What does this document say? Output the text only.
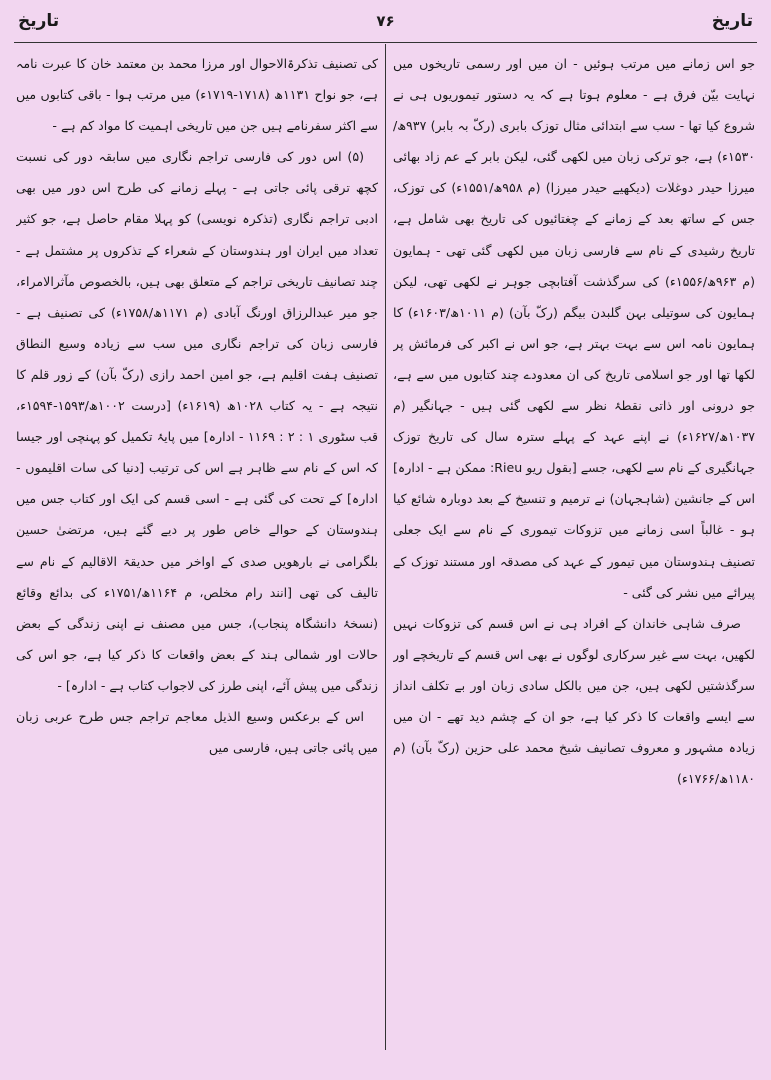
تاریخ
۷۶
تاریخ

جو اس زمانے میں مرتب ہوئیں - ان میں اور رسمی تاریخوں میں نہایت بیّن فرق ہے - معلوم ہوتا ہے کہ یہ دستور تیموریوں ہی نے شروع کیا تھا - سب سے ابتدائی مثال توزک بابری (رکّ بہ بابر) ۹۳۷ھ/۱۵۳۰ء) ہے، جو ترکی زبان میں لکھی گئی، لیکن بابر کے عم زاد بھائی میرزا حیدر دوغلات (دیکھیے حیدر میرزا) (م ۹۵۸ھ/۱۵۵۱ء) کی توزک، جس کے ساتھ بعد کے زمانے کے چغتائیوں کی تاریخ بھی شامل ہے، تاریخ رشیدی کے نام سے فارسی زبان میں لکھی گئی تھی - ہمایون (م ۹۶۳ھ/۱۵۵۶ء) کی سرگذشت آفتابچی جوہر نے لکھی تھی، لیکن ہمایون کی سوتیلی بہن گلبدن بیگم (رکّ بآن) (م ۱۰۱۱ھ/۱۶۰۳ء) کا ہمایون نامہ اس سے بہت بہتر ہے، جو اس نے اکبر کی فرمائش پر لکھا تھا اور جو اسلامی تاریخ کی ان معدودے چند کتابوں میں سے ہے، جو درونی اور ذاتی نقطۂ نظر سے لکھی گئی ہیں - جہانگیر (م ۱۰۳۷ھ/۱۶۲۷ء) نے اپنے عہد کے پہلے سترہ سال کی تاریخ توزک جہانگیری کے نام سے لکھی، جسے [بقول ریو Rieu: ممکن ہے - ادارہ] اس کے جانشین (شاہجہان) نے ترمیم و تنسیخ کے بعد دوبارہ شائع کیا ہو - غالباً اسی زمانے میں تزوکات تیموری کے نام سے ایک جعلی تصنیف ہندوستان میں تیمور کے عہد کی مصدقہ اور مستند توزک کے پیرائے میں نشر کی گئی -

صرف شاہی خاندان کے افراد ہی نے اس قسم کی تزوکات نہیں لکھیں، بہت سے غیر سرکاری لوگوں نے بھی اس قسم کے تاریخچے اور سرگذشتیں لکھی ہیں، جن میں بالکل سادی زبان اور بے تکلف انداز سے ایسے واقعات کا ذکر کیا ہے، جو ان کے چشم دید تھے - ان میں زیادہ مشہور و معروف تصانیف شیخ محمد علی حزین (رکّ بآن) (م ۱۱۸۰ھ/۱۷۶۶ء)

کی تصنیف تذکرۃالاحوال اور مرزا محمد بن معتمد خان کا عبرت نامہ ہے، جو نواح ۱۱۳۱ھ (۱۷۱۸-۱۷۱۹ء) میں مرتب ہوا - باقی کتابوں میں سے اکثر سفرنامے ہیں جن میں تاریخی اہمیت کا مواد کم ہے -

(۵) اس دور کی فارسی تراجم نگاری میں سابقہ دور کی نسبت کچھ ترقی پائی جاتی ہے - پہلے زمانے کی طرح اس دور میں بھی ادبی تراجم نگاری (تذکرہ نویسی) کو پہلا مقام حاصل ہے، جو کثیر تعداد میں ایران اور ہندوستان کے شعراء کے تذکروں پر مشتمل ہے - چند تصانیف تاریخی تراجم کے متعلق بھی ہیں، بالخصوص مآثرالامراء، جو میر عبدالرزاق اورنگ آبادی (م ۱۱۷۱ھ/۱۷۵۸ء) کی تصنیف ہے - فارسی زبان کی تراجم نگاری میں سب سے زیادہ وسیع النطاق تصنیف ہفت اقلیم ہے، جو امین احمد رازی (رکّ بآن) کے زور قلم کا نتیجہ ہے - یہ کتاب ۱۰۲۸ھ (۱۶۱۹ء) [درست ۱۰۰۲ھ/۱۵۹۳-۱۵۹۴ء، قب سٹوری ۱ : ۲ : ۱۱۶۹ - ادارہ] میں پایۂ تکمیل کو پہنچی اور جیسا کہ اس کے نام سے ظاہر ہے اس کی ترتیب [دنیا کی سات اقلیموں - ادارہ] کے تحت کی گئی ہے - اسی قسم کی ایک اور کتاب جس میں ہندوستان کے حوالے خاص طور پر دیے گئے ہیں، مرتضیٰ حسین بلگرامی نے بارھویں صدی کے اواخر میں حدیقۃ الاقالیم کے نام سے تالیف کی تھی [انند رام مخلص، م ۱۱۶۴ھ/۱۷۵۱ء کی بدائع وقائع (نسخۂ دانشگاہ پنجاب)، جس میں مصنف نے اپنی زندگی کے بعض حالات اور شمالی ہند کے بعض واقعات کا ذکر کیا ہے، جو اس کی زندگی میں پیش آئے، اپنی طرز کی لاجواب کتاب ہے - ادارہ] -

اس کے برعکس وسیع الذیل معاجم تراجم جس طرح عربی زبان میں پائی جاتی ہیں، فارسی میں
